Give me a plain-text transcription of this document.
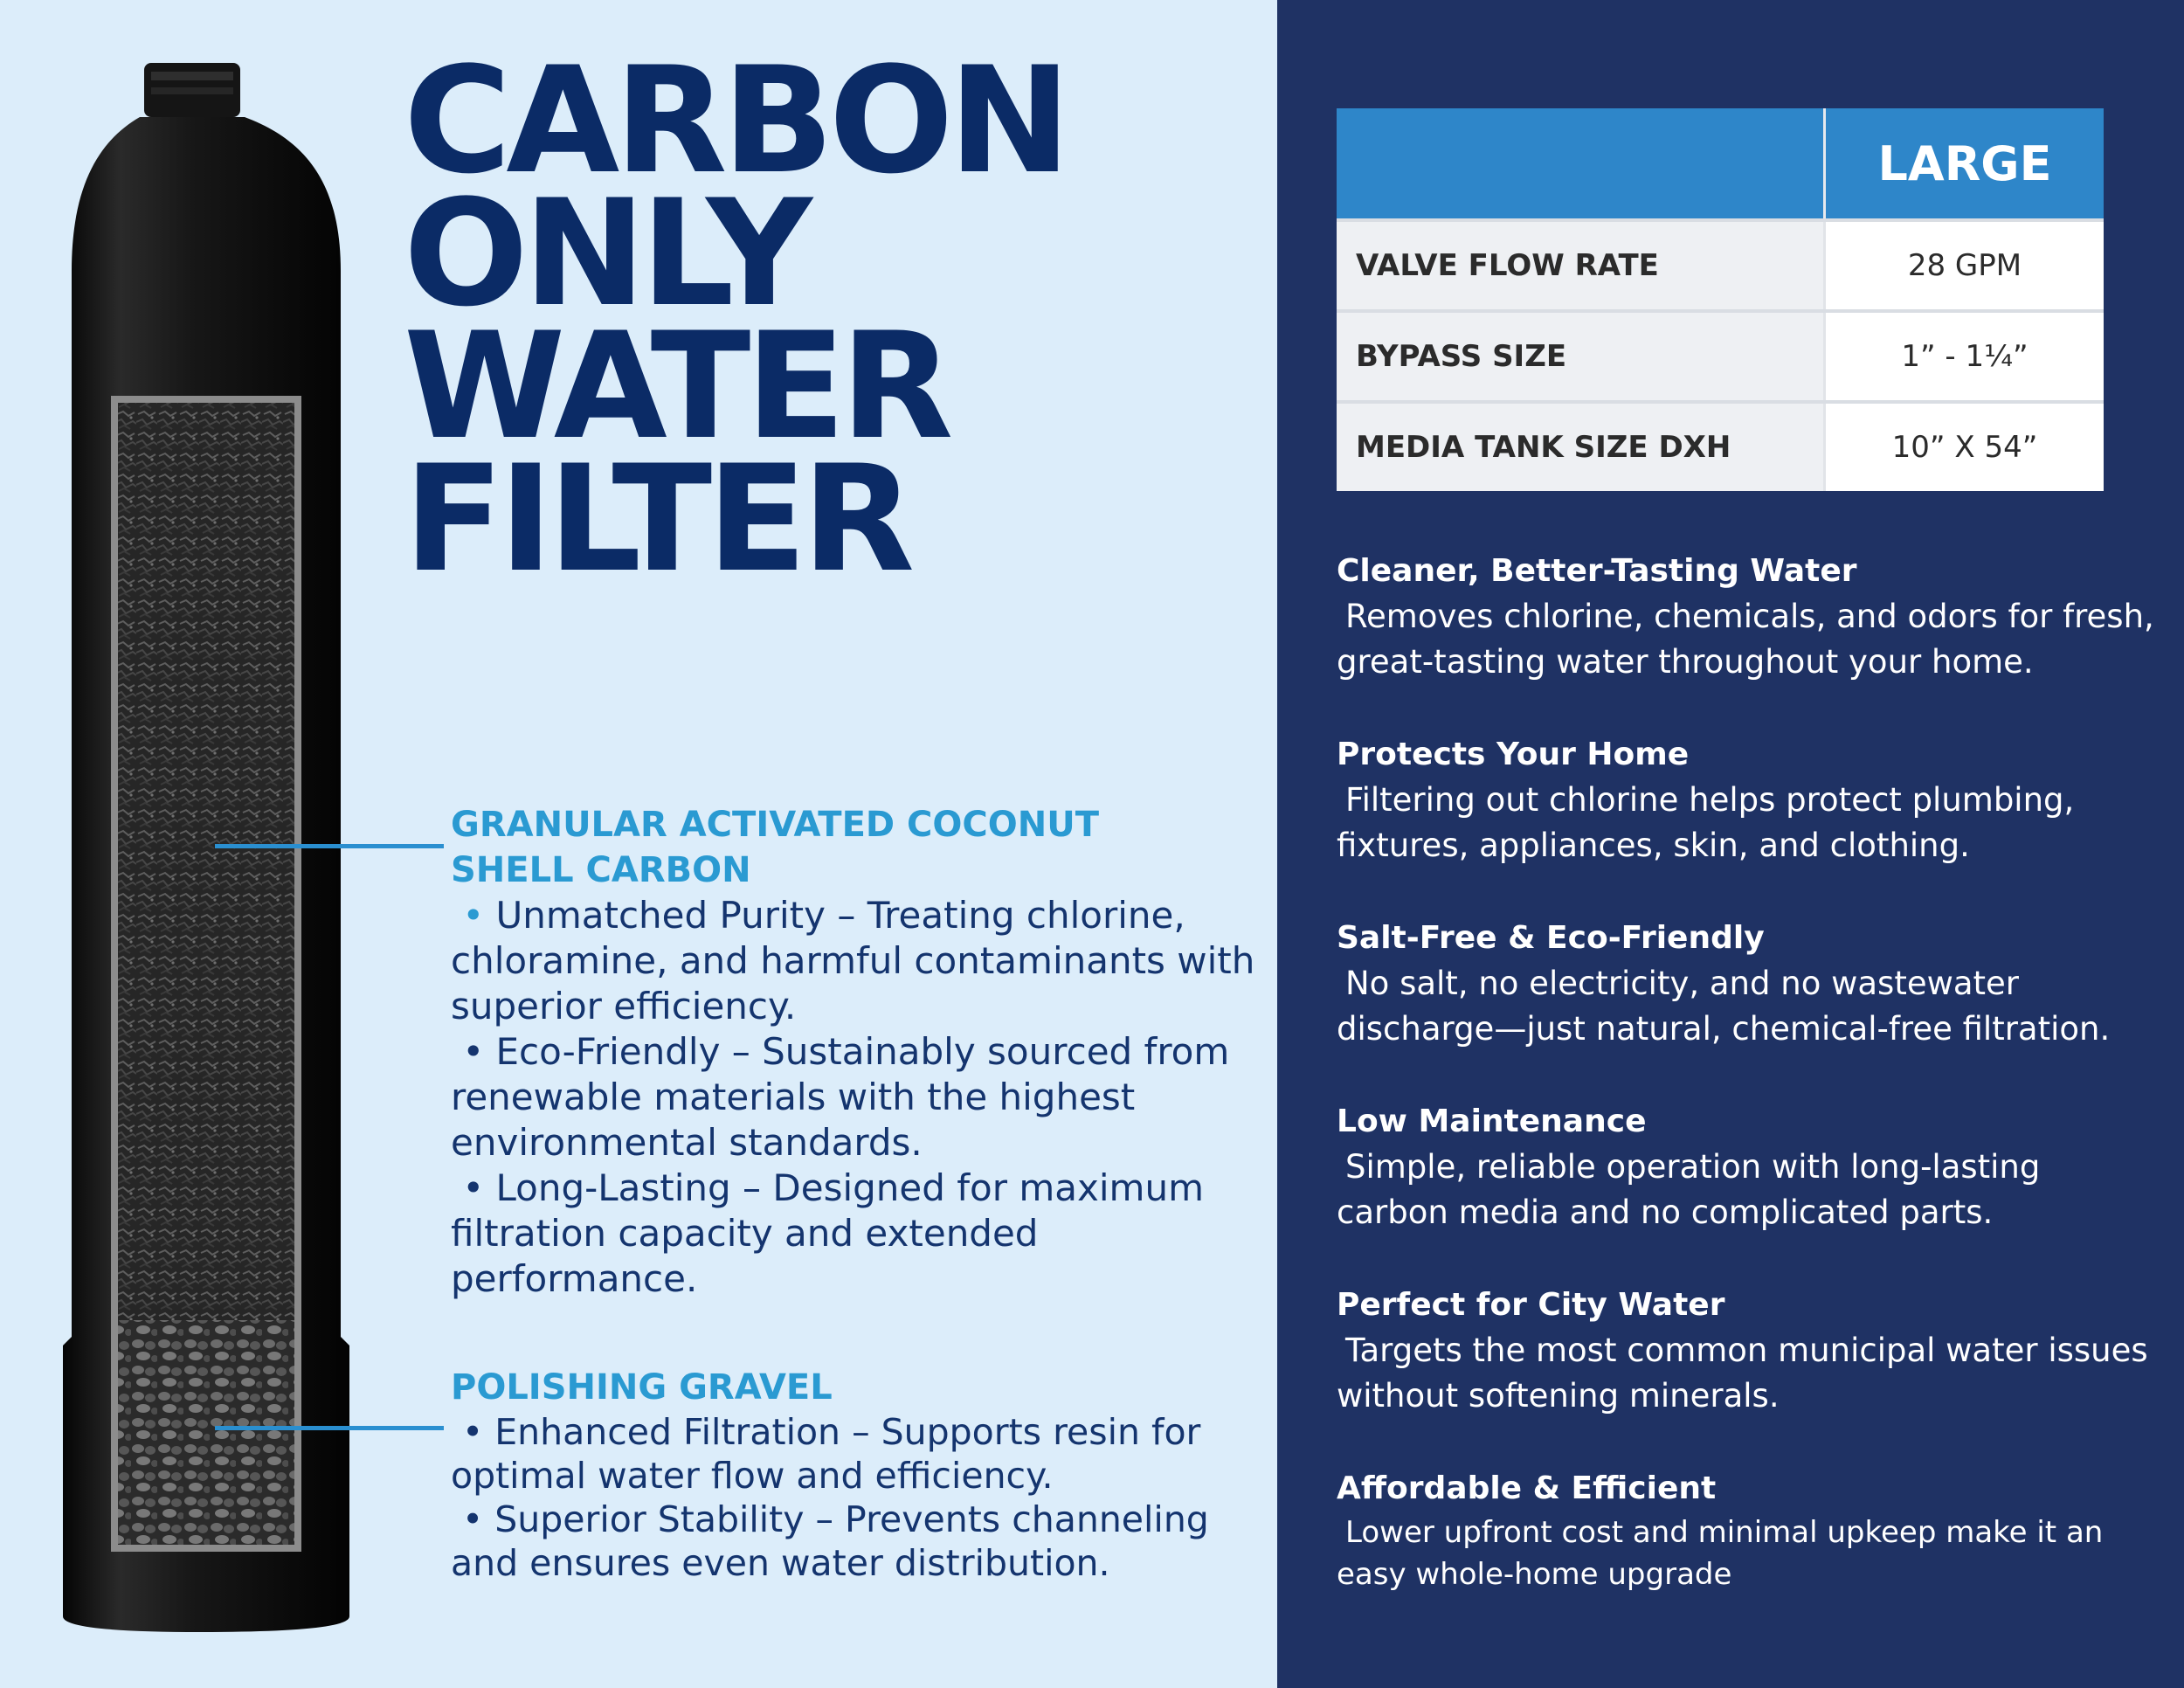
CARBON
ONLY
WATER
FILTER
GRANULAR ACTIVATED COCONUT
SHELL CARBON
• Unmatched Purity – Treating chlorine, chloramine, and harmful contaminants with superior efficiency.
• Eco-Friendly – Sustainably sourced from renewable materials with the highest environmental standards.
• Long-Lasting – Designed for maximum filtration capacity and extended performance.
POLISHING GRAVEL
• Enhanced Filtration – Supports resin for optimal water flow and efficiency.
• Superior Stability – Prevents channeling and ensures even water distribution.
	LARGE
VALVE FLOW RATE	28 GPM
BYPASS SIZE	1” - 1¼”
MEDIA TANK SIZE DXH	10” X 54”
Cleaner, Better-Tasting Water
Removes chlorine, chemicals, and odors for fresh, great-tasting water throughout your home.
Protects Your Home
Filtering out chlorine helps protect plumbing, fixtures, appliances, skin, and clothing.
Salt-Free & Eco-Friendly
No salt, no electricity, and no wastewater discharge—just natural, chemical-free filtration.
Low Maintenance
Simple, reliable operation with long-lasting carbon media and no complicated parts.
Perfect for City Water
Targets the most common municipal water issues without softening minerals.
Affordable & Efficient
Lower upfront cost and minimal upkeep make it an easy whole-home upgrade
